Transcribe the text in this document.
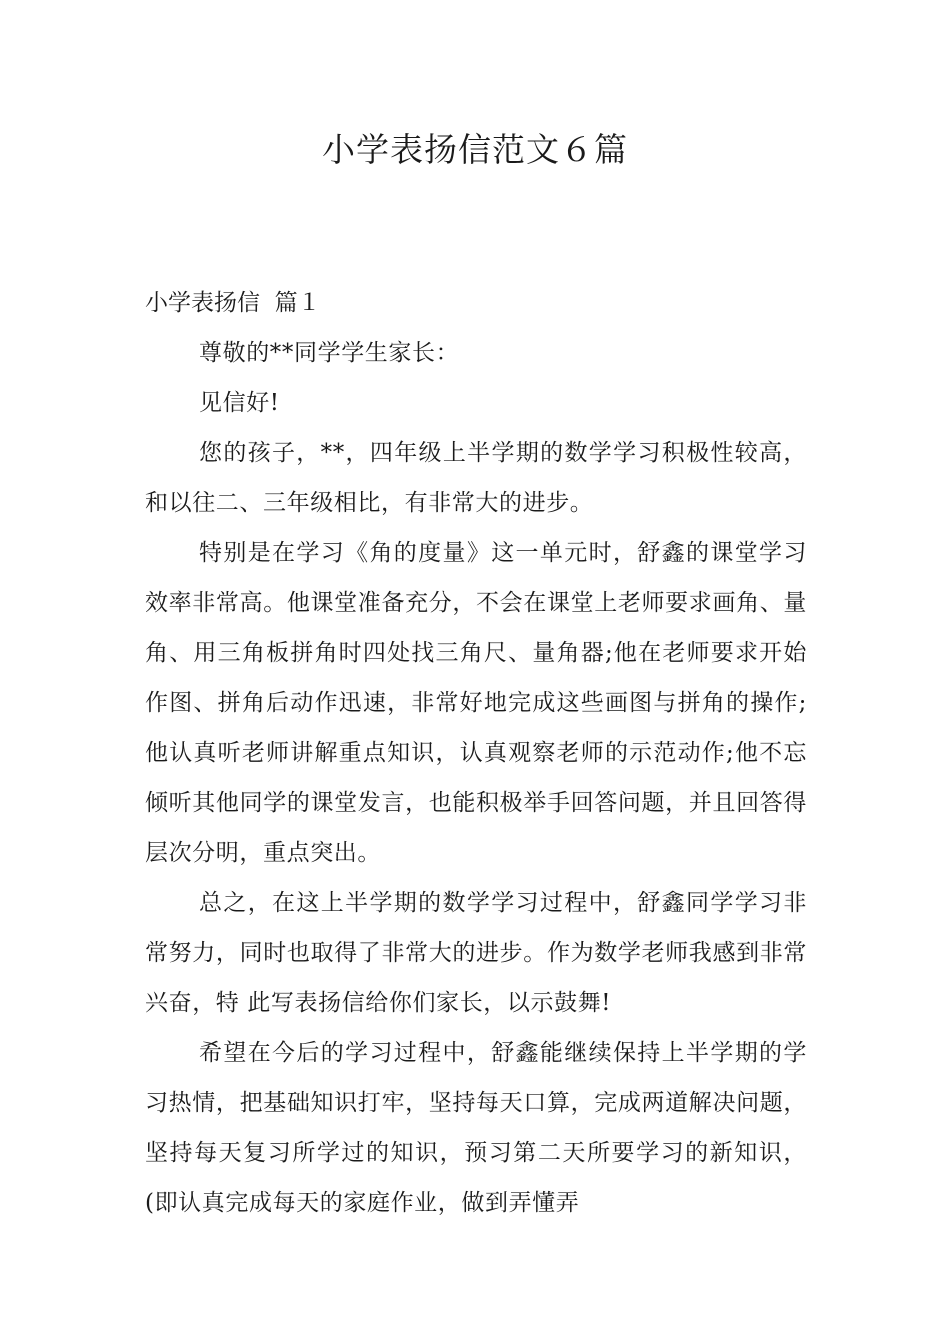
小学表扬信范文６篇
小学表扬信  篇１

尊敬的**同学学生家长：

见信好!

您的孩子，**，四年级上半学期的数学学习积极性较高，和以往二、三年级相比，有非常大的进步。

特别是在学习《角的度量》这一单元时，舒鑫的课堂学习效率非常高。他课堂准备充分，不会在课堂上老师要求画角、量角、用三角板拼角时四处找三角尺、量角器;他在老师要求开始作图、拼角后动作迅速，非常好地完成这些画图与拼角的操作;他认真听老师讲解重点知识，认真观察老师的示范动作;他不忘倾听其他同学的课堂发言，也能积极举手回答问题，并且回答得层次分明，重点突出。

总之，在这上半学期的数学学习过程中，舒鑫同学学习非常努力，同时也取得了非常大的进步。作为数学老师我感到非常兴奋，特 此写表扬信给你们家长，以示鼓舞!

希望在今后的学习过程中，舒鑫能继续保持上半学期的学习热情，把基础知识打牢，坚持每天口算，完成两道解决问题，坚持每天复习所学过的知识，预习第二天所要学习的新知识，(即认真完成每天的家庭作业，做到弄懂弄
